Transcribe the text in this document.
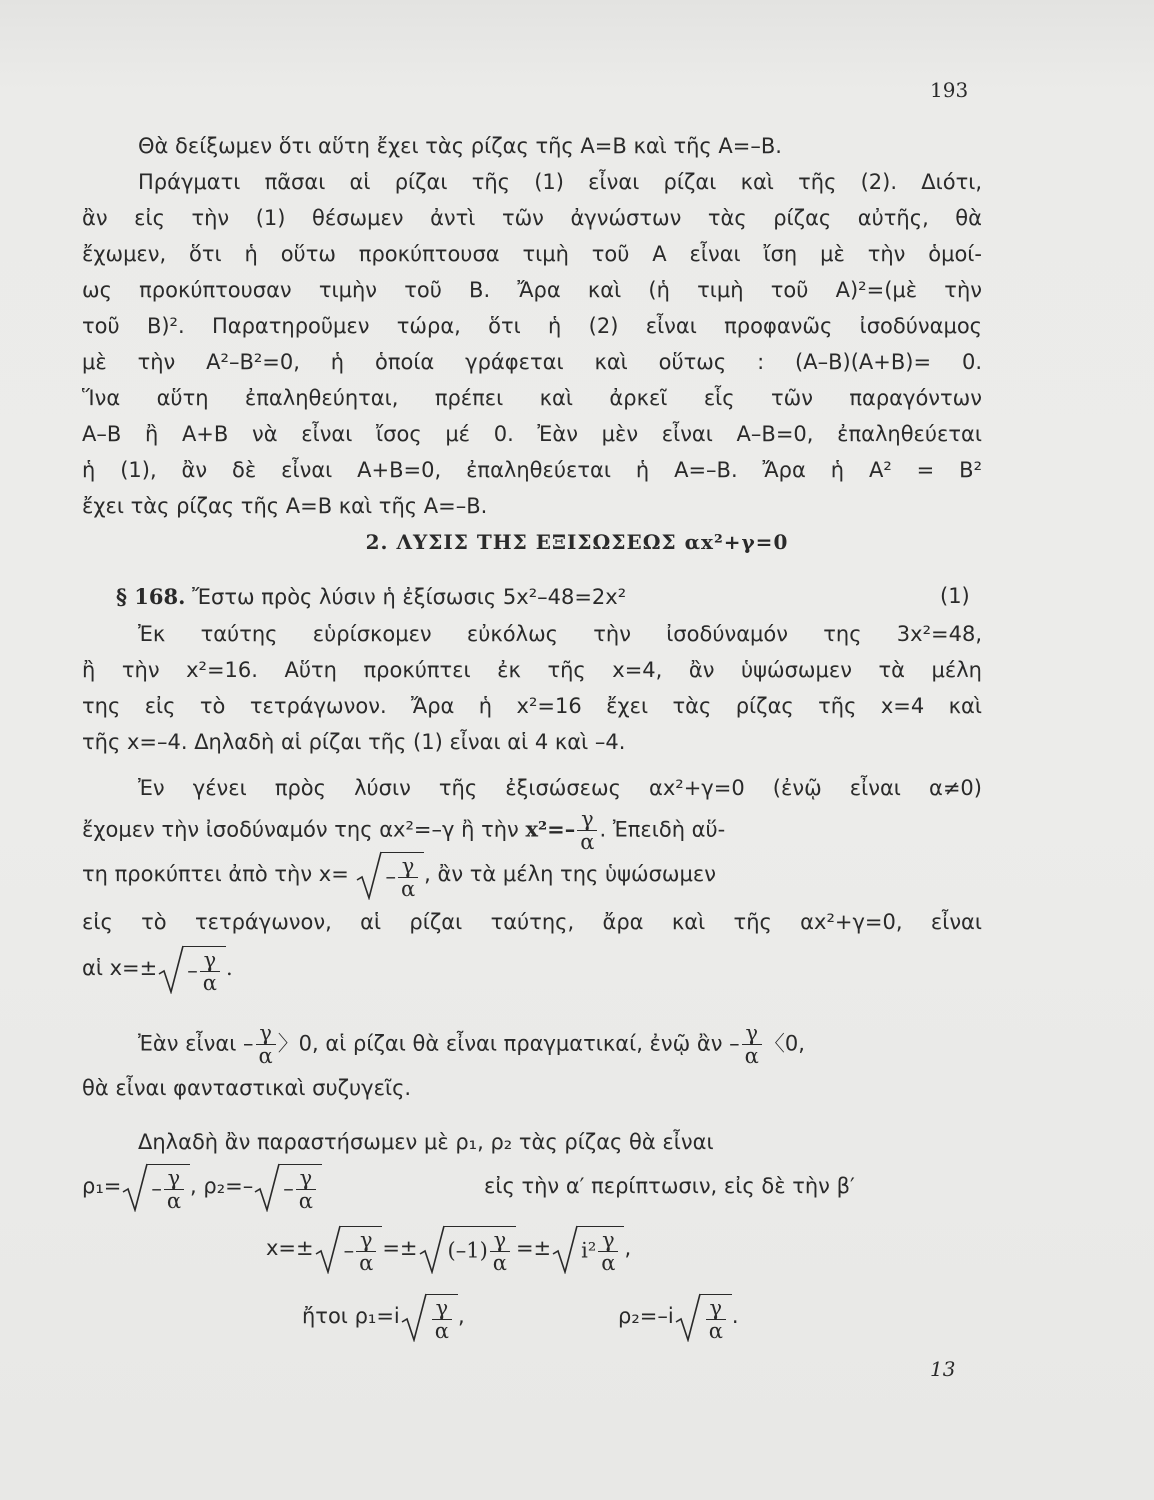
193
Θὰ δείξωμεν ὅτι αὕτη ἔχει τὰς ρίζας τῆς Α=Β καὶ τῆς Α=–Β.
Πράγματι πᾶσαι αἱ ρίζαι τῆς (1) εἶναι ρίζαι καὶ τῆς (2). Διότι,
ἂν εἰς τὴν (1) θέσωμεν ἀντὶ τῶν ἀγνώστων τὰς ρίζας αὐτῆς, θὰ
ἔχωμεν, ὅτι ἡ οὕτω προκύπτουσα τιμὴ τοῦ Α εἶναι ἴση μὲ τὴν ὁμοί-
ως προκύπτουσαν τιμὴν τοῦ Β. Ἄρα καὶ (ἡ τιμὴ τοῦ Α)²=(μὲ τὴν
τοῦ Β)². Παρατηροῦμεν τώρα, ὅτι ἡ (2) εἶναι προφανῶς ἰσοδύναμος
μὲ τὴν Α²–Β²=0, ἡ ὁποία γράφεται καὶ οὕτως : (Α–Β)(Α+Β)= 0.
Ἵνα αὕτη ἐπαληθεύηται, πρέπει καὶ ἀρκεῖ εἷς τῶν παραγόντων
Α–Β ἢ Α+Β νὰ εἶναι ἴσος μέ 0. Ἐὰν μὲν εἶναι Α–Β=0, ἐπαληθεύεται
ἡ (1), ἂν δὲ εἶναι Α+Β=0, ἐπαληθεύεται ἡ Α=–Β. Ἄρα ἡ Α² = Β²
ἔχει τὰς ρίζας τῆς Α=Β καὶ τῆς Α=–Β.
2. ΛΥΣΙΣ ΤΗΣ ΕΞΙΣΩΣΕΩΣ αx²+γ=0
§ 168. Ἔστω πρὸς λύσιν ἡ ἐξίσωσις 5x²–48=2x²	(1)
Ἐκ ταύτης εὑρίσκομεν εὐκόλως τὴν ἰσοδύναμόν της 3x²=48,
ἢ τὴν x²=16. Αὕτη προκύπτει ἐκ τῆς x=4, ἂν ὑψώσωμεν τὰ μέλη
της εἰς τὸ τετράγωνον. Ἄρα ἡ x²=16 ἔχει τὰς ρίζας τῆς x=4 καὶ
τῆς x=–4. Δηλαδὴ αἱ ρίζαι τῆς (1) εἶναι αἱ 4 καὶ –4.
Ἐν γένει πρὸς λύσιν τῆς ἐξισώσεως αx²+γ=0 (ἐνῷ εἶναι α≠0)
ἔχομεν τὴν ἰσοδύναμόν της αx²=–γ ἢ τὴν $x^2=- \frac{\gamma}{\alpha}$ . Ἐπειδὴ αὕ-
τη προκύπτει ἀπὸ τὴν $x= - \frac{\gamma}{\alpha}$ , ἂν τὰ μέλη της ὑψώσωμεν
εἰς τὸ τετράγωνον, αἱ ρίζαι ταύτης, ἄρα καὶ τῆς αx²+γ=0, εἶναι
αἱ $x=\pm - \frac{\gamma}{\alpha}$ .
Ἐὰν εἶναι – $\frac{\gamma}{\alpha}$ 〉0, αἱ ρίζαι θὰ εἶναι πραγματικαί, ἐνῷ ἂν – $\frac{\gamma}{\alpha}$ 〈0,
θὰ εἶναι φανταστικαὶ συζυγεῖς.
Δηλαδὴ ἂν παραστήσωμεν μὲ ρ₁, ρ₂ τὰς ρίζας θὰ εἶναι
$\rho_1= - \frac{\gamma}{\alpha}$ , $\rho_2=- - \frac{\gamma}{\alpha}$	εἰς τὴν α′ περίπτωσιν, εἰς δὲ τὴν β′
$x=\pm - \frac{\gamma}{\alpha} =\pm (-1) \frac{\gamma}{\alpha} =\pm i^2 \frac{\gamma}{\alpha}$ ,
ἤτοι $\rho_1=i \frac{\gamma}{\alpha}$ ,	$\rho_2=-i \frac{\gamma}{\alpha}$ .
13
